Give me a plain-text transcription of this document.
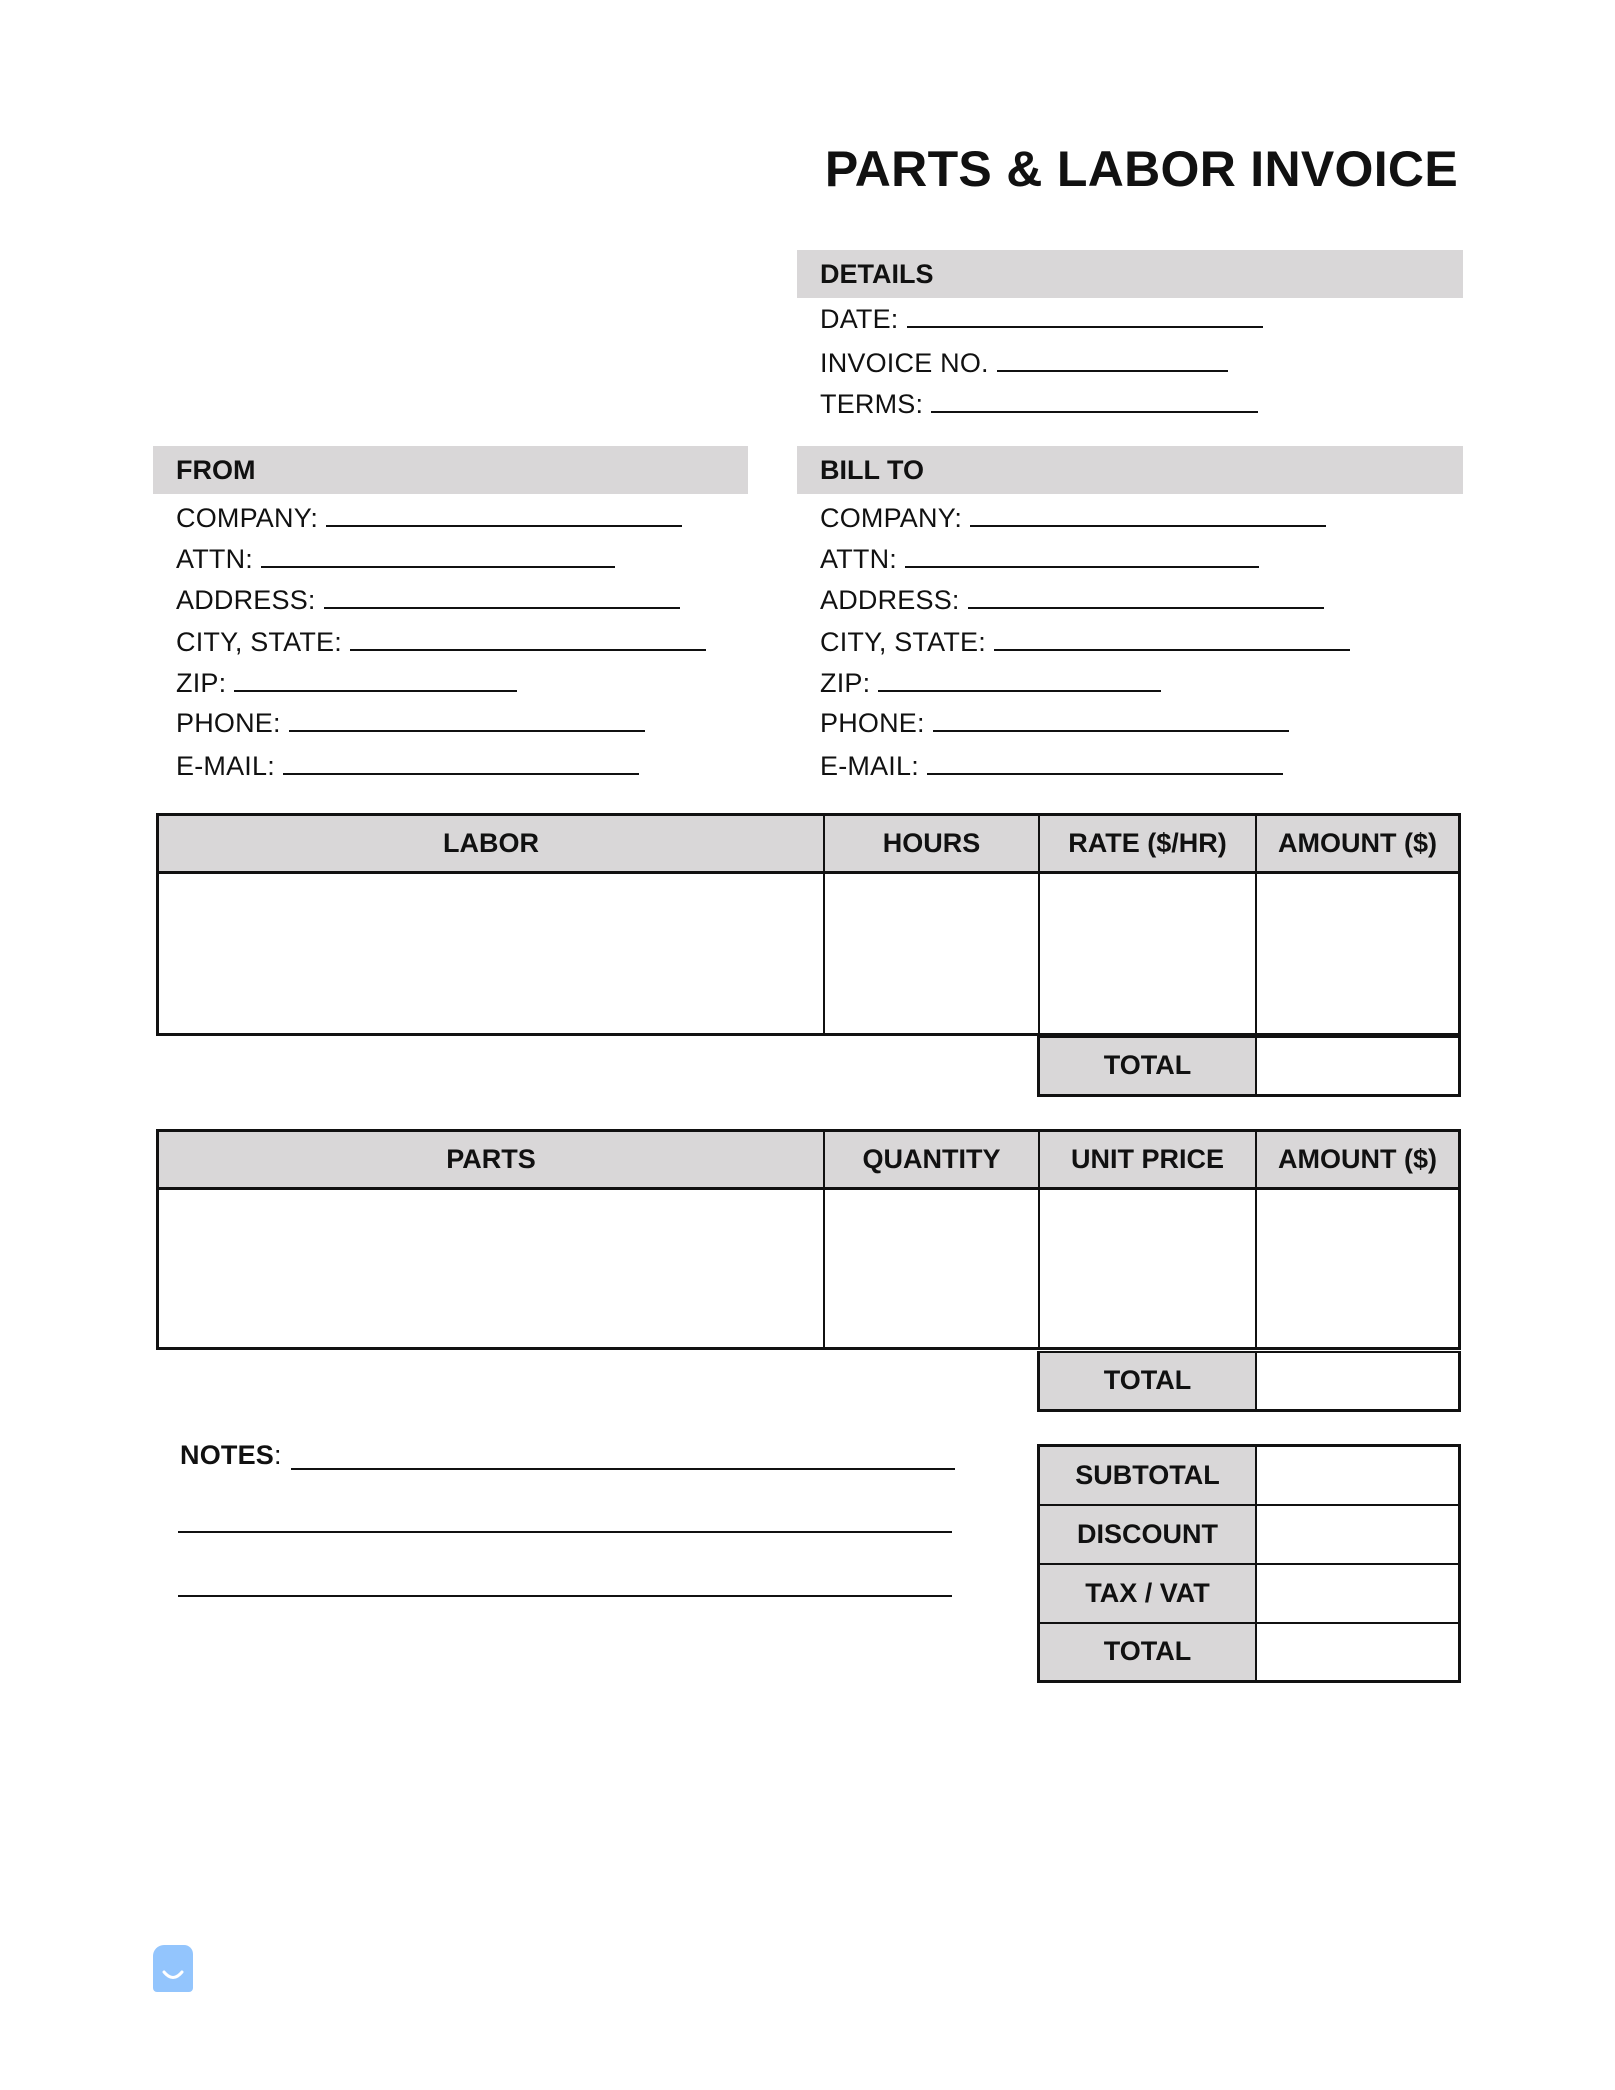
PARTS & LABOR INVOICE
DETAILS
DATE:
INVOICE NO.
TERMS:
FROM	BILL TO
COMPANY:
ATTN:
ADDRESS:
CITY, STATE:
ZIP:
PHONE:
E-MAIL:
COMPANY:
ATTN:
ADDRESS:
CITY, STATE:
ZIP:
PHONE:
E-MAIL:
LABOR	HOURS	RATE ($/HR)	AMOUNT ($)

TOTAL	
PARTS	QUANTITY	UNIT PRICE	AMOUNT ($)

TOTAL	
SUBTOTAL	
DISCOUNT	
TAX / VAT	
TOTAL	
NOTES:
